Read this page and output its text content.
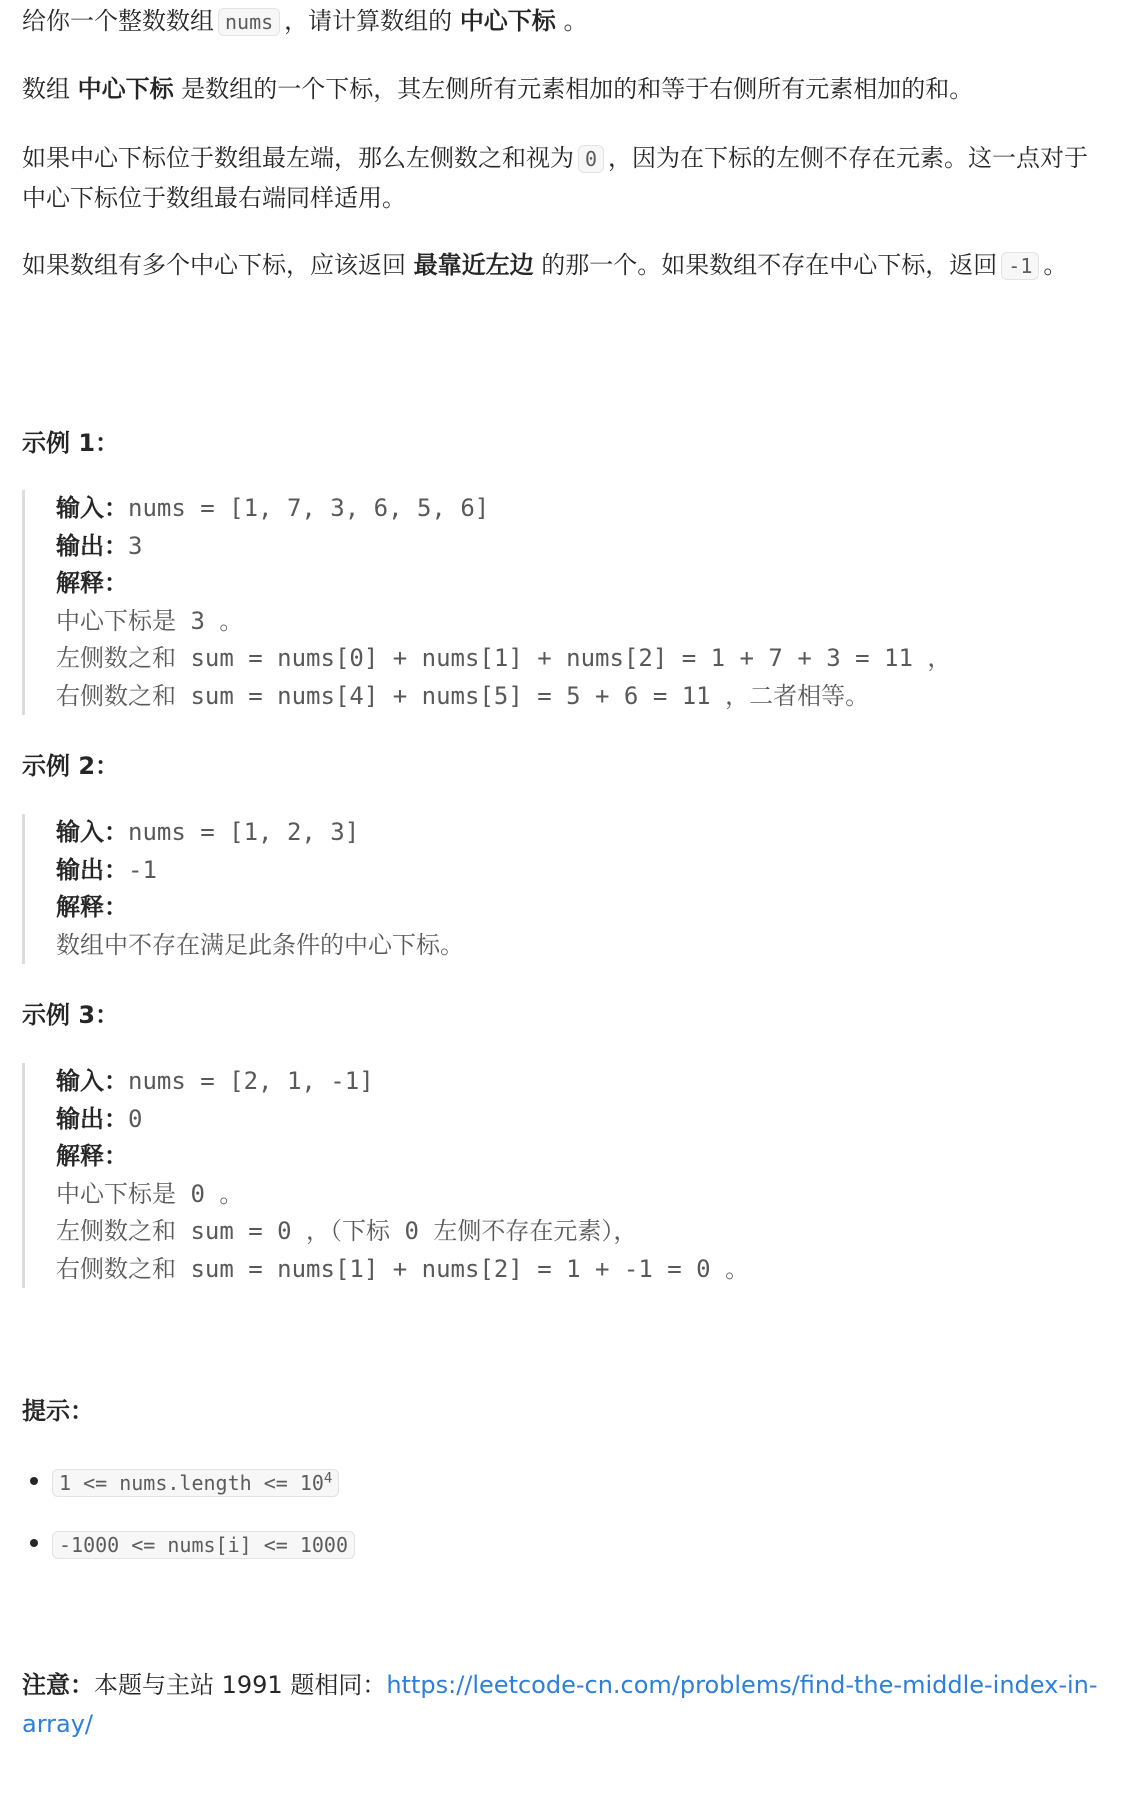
给你一个整数数组 nums ，请计算数组的 中心下标 。

数组 中心下标 是数组的一个下标，其左侧所有元素相加的和等于右侧所有元素相加的和。

如果中心下标位于数组最左端，那么左侧数之和视为 0 ，因为在下标的左侧不存在元素。这一点对于中心下标位于数组最右端同样适用。

如果数组有多个中心下标，应该返回 最靠近左边 的那一个。如果数组不存在中心下标，返回 -1 。

示例 1：
输入：nums = [1, 7, 3, 6, 5, 6]
输出：3
解释：
中心下标是 3 。
左侧数之和 sum = nums[0] + nums[1] + nums[2] = 1 + 7 + 3 = 11 ，
右侧数之和 sum = nums[4] + nums[5] = 5 + 6 = 11 ，二者相等。
示例 2：
输入：nums = [1, 2, 3]
输出：-1
解释：
数组中不存在满足此条件的中心下标。
示例 3：
输入：nums = [2, 1, -1]
输出：0
解释：
中心下标是 0 。
左侧数之和 sum = 0 ，（下标 0 左侧不存在元素），
右侧数之和 sum = nums[1] + nums[2] = 1 + -1 = 0 。
提示：
1 <= nums.length <= $10^4$
-1000 <= nums[i] <= 1000

注意：本题与主站 1991 题相同：https://leetcode-cn.com/problems/find-the-middle-index-in-array/
